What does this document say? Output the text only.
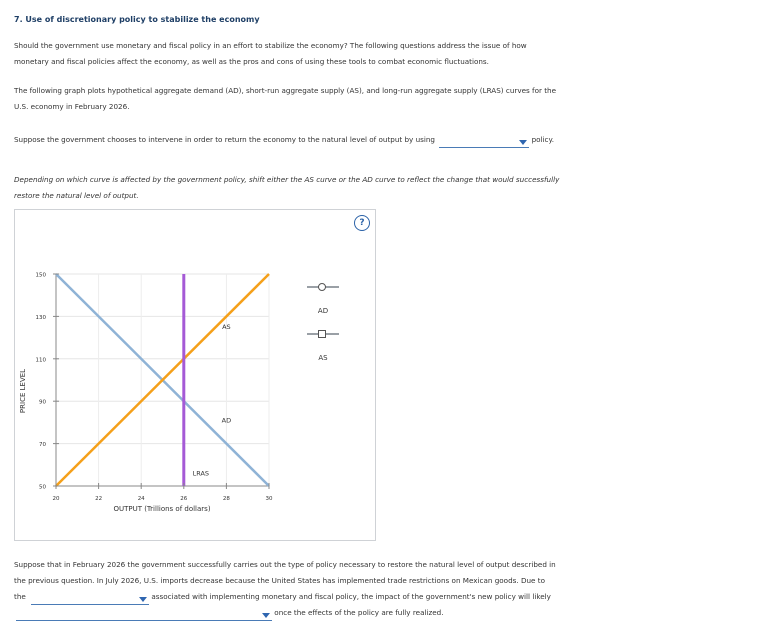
7. Use of discretionary policy to stabilize the economy
Should the government use monetary and fiscal policy in an effort to stabilize the economy? The following questions address the issue of how
monetary and fiscal policies affect the economy, as well as the pros and cons of using these tools to combat economic fluctuations.
The following graph plots hypothetical aggregate demand (AD), short-run aggregate supply (AS), and long-run aggregate supply (LRAS) curves for the
U.S. economy in February 2026.
Suppose the government chooses to intervene in order to return the economy to the natural level of output by using	policy.
Depending on which curve is affected by the government policy, shift either the AS curve or the AD curve to reflect the change that would successfully
restore the natural level of output.
?
AD
AS
LRAS
50
70
90
110
130
150
20	22	24	26	28	30
OUTPUT (Trillions of dollars)
PRICE LEVEL
AD
AS
Suppose that in February 2026 the government successfully carries out the type of policy necessary to restore the natural level of output described in
the previous question. In July 2026, U.S. imports decrease because the United States has implemented trade restrictions on Mexican goods. Due to
the	associated with implementing monetary and fiscal policy, the impact of the government's new policy will likely
once the effects of the policy are fully realized.
